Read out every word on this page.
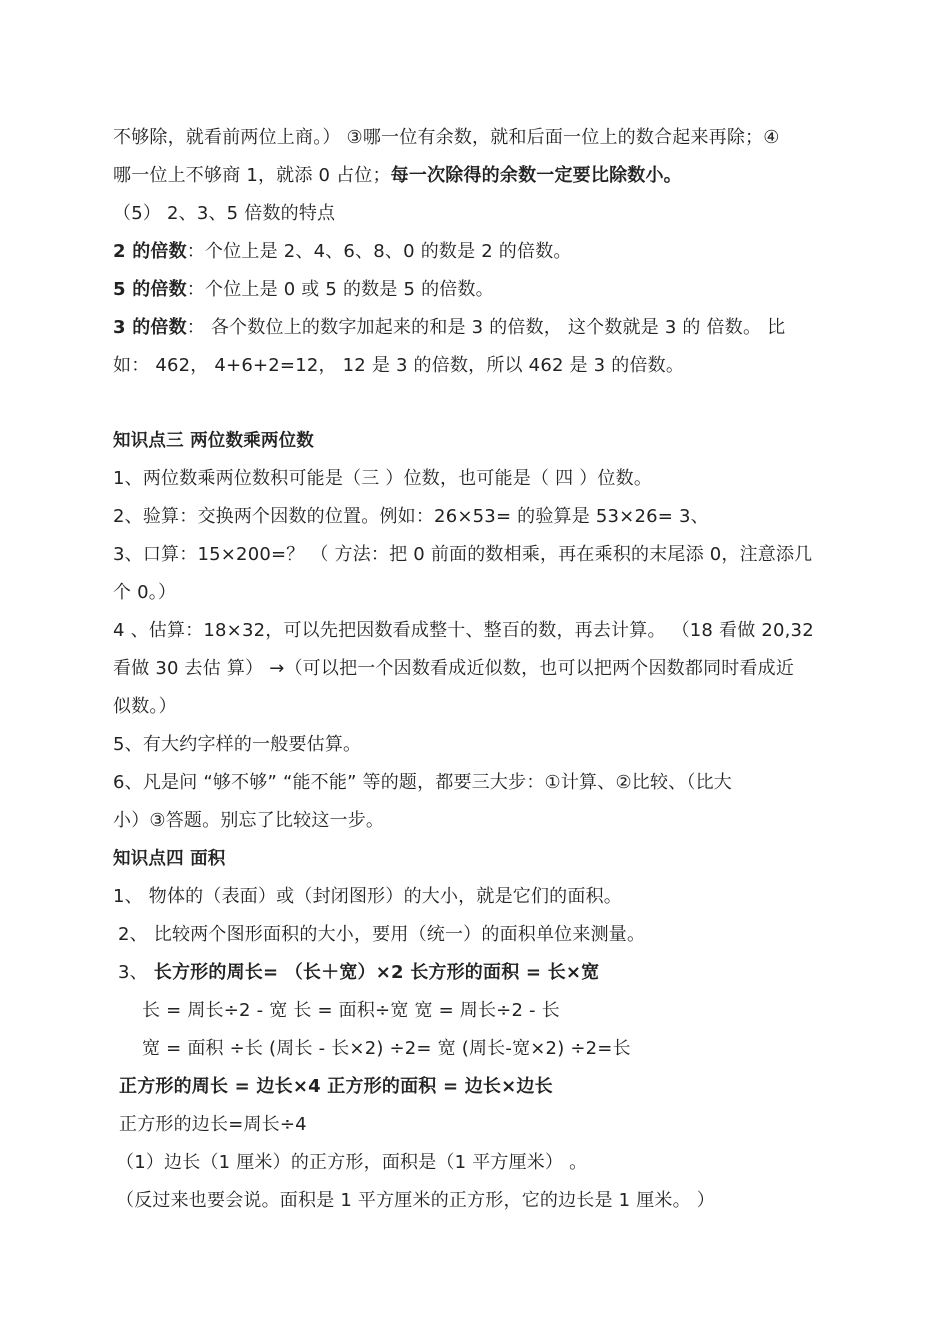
不够除，就看前两位上商。） ③哪一位有余数，就和后面一位上的数合起来再除；④
哪一位上不够商 1，就添 0 占位；每一次除得的余数一定要比除数小。
（5） 2、3、5 倍数的特点
2 的倍数：个位上是 2、4、6、8、0 的数是 2 的倍数。
5 的倍数：个位上是 0 或 5 的数是 5 的倍数。
3 的倍数： 各个数位上的数字加起来的和是 3 的倍数， 这个数就是 3 的 倍数。 比
如： 462， 4+6+2=12， 12 是 3 的倍数，所以 462 是 3 的倍数。
知识点三 两位数乘两位数
1、两位数乘两位数积可能是（三 ）位数，也可能是（ 四 ）位数。
2、验算：交换两个因数的位置。例如：26×53= 的验算是 53×26= 3、
3、口算：15×200=？ （ 方法：把 0 前面的数相乘，再在乘积的末尾添 0，注意添几
个 0。）
4 、估算：18×32，可以先把因数看成整十、整百的数，再去计算。 （18 看做 20,32
看做 30 去估 算） →（可以把一个因数看成近似数，也可以把两个因数都同时看成近
似数。）
5、有大约字样的一般要估算。
6、凡是问 “够不够” “能不能” 等的题，都要三大步：①计算、②比较、（比大
小）③答题。别忘了比较这一步。
知识点四 面积
1、 物体的（表面）或（封闭图形）的大小，就是它们的面积。
2、 比较两个图形面积的大小，要用（统一）的面积单位来测量。
3、 长方形的周长= （长＋宽）×2 长方形的面积 = 长×宽
长 = 周长÷2 - 宽 长 = 面积÷宽 宽 = 周长÷2 - 长
宽 = 面积 ÷长 (周长 - 长×2) ÷2= 宽 (周长-宽×2) ÷2=长
正方形的周长 = 边长×4 正方形的面积 = 边长×边长
正方形的边长=周长÷4
（1）边长（1 厘米）的正方形，面积是（1 平方厘米） 。
（反过来也要会说。面积是 1 平方厘米的正方形，它的边长是 1 厘米。 ）
